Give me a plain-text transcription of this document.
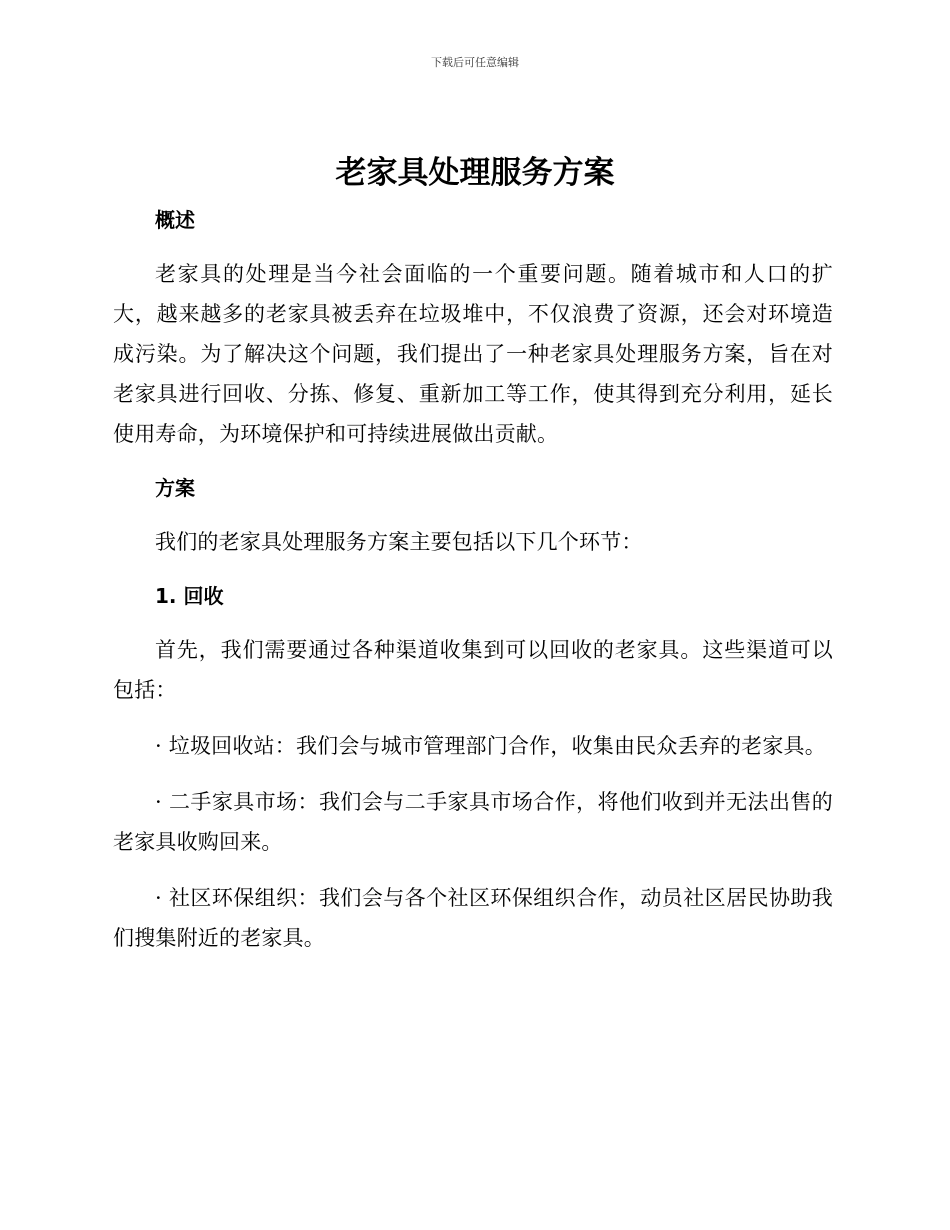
下载后可任意编辑
老家具处理服务方案

概述

老家具的处理是当今社会面临的一个重要问题。随着城市和人口的扩大，越来越多的老家具被丢弃在垃圾堆中，不仅浪费了资源，还会对环境造成污染。为了解决这个问题，我们提出了一种老家具处理服务方案，旨在对老家具进行回收、分拣、修复、重新加工等工作，使其得到充分利用，延长使用寿命，为环境保护和可持续进展做出贡献。

方案

我们的老家具处理服务方案主要包括以下几个环节：

1. 回收

首先，我们需要通过各种渠道收集到可以回收的老家具。这些渠道可以包括：

· 垃圾回收站：我们会与城市管理部门合作，收集由民众丢弃的老家具。

· 二手家具市场：我们会与二手家具市场合作，将他们收到并无法出售的老家具收购回来。

· 社区环保组织：我们会与各个社区环保组织合作，动员社区居民协助我们搜集附近的老家具。
